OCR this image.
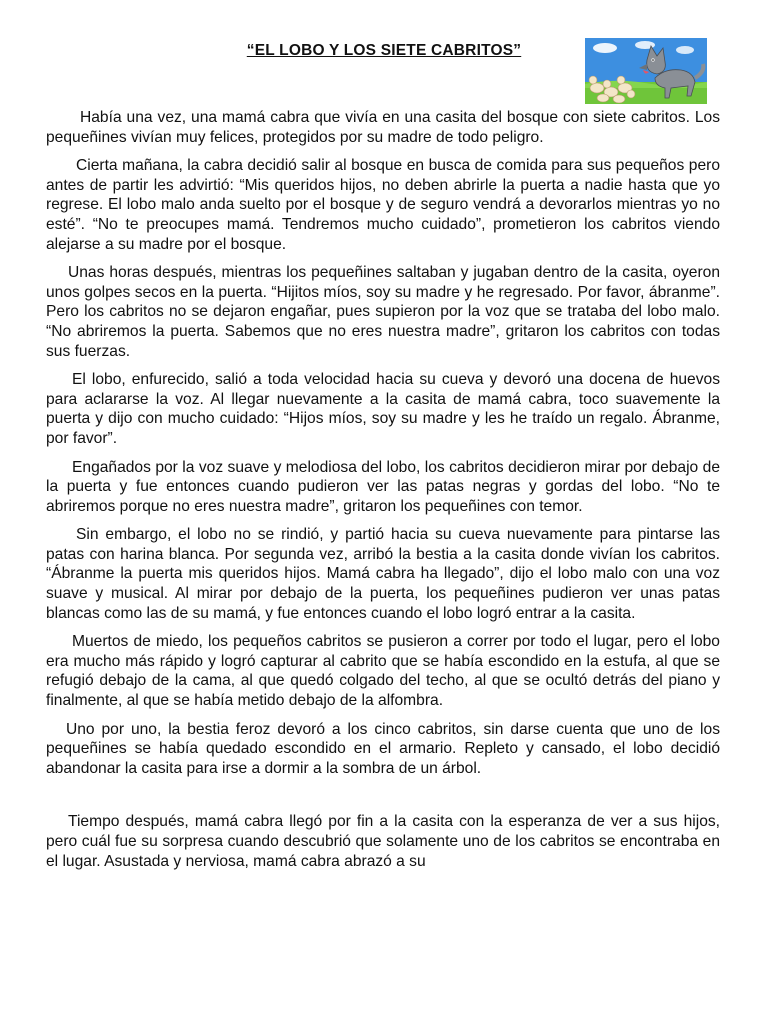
“EL LOBO Y LOS SIETE CABRITOS”

Había una vez, una mamá cabra que vivía en una casita del bosque con siete cabritos. Los pequeñines vivían muy felices, protegidos por su madre de todo peligro.

Cierta mañana, la cabra decidió salir al bosque en busca de comida para sus pequeños pero antes de partir les advirtió: “Mis queridos hijos, no deben abrirle la puerta a nadie hasta que yo regrese. El lobo malo anda suelto por el bosque y de seguro vendrá a devorarlos mientras yo no esté”. “No te preocupes mamá. Tendremos mucho cuidado”, prometieron los cabritos viendo alejarse a su madre por el bosque.

Unas horas después, mientras los pequeñines saltaban y jugaban dentro de la casita, oyeron unos golpes secos en la puerta. “Hijitos míos, soy su madre y he regresado. Por favor, ábranme”. Pero los cabritos no se dejaron engañar, pues supieron por la voz que se trataba del lobo malo. “No abriremos la puerta. Sabemos que no eres nuestra madre”, gritaron los cabritos con todas sus fuerzas.

El lobo, enfurecido, salió a toda velocidad hacia su cueva y devoró una docena de huevos para aclararse la voz. Al llegar nuevamente a la casita de mamá cabra, toco suavemente la puerta y dijo con mucho cuidado: “Hijos míos, soy su madre y les he traído un regalo. Ábranme, por favor”.

Engañados por la voz suave y melodiosa del lobo, los cabritos decidieron mirar por debajo de la puerta y fue entonces cuando pudieron ver las patas negras y gordas del lobo. “No te abriremos porque no eres nuestra madre”, gritaron los pequeñines con temor.

Sin embargo, el lobo no se rindió, y partió hacia su cueva nuevamente para pintarse las patas con harina blanca. Por segunda vez, arribó la bestia a la casita donde vivían los cabritos. “Ábranme la puerta mis queridos hijos. Mamá cabra ha llegado”, dijo el lobo malo con una voz suave y musical. Al mirar por debajo de la puerta, los pequeñines pudieron ver unas patas blancas como las de su mamá, y fue entonces cuando el lobo logró entrar a la casita.

Muertos de miedo, los pequeños cabritos se pusieron a correr por todo el lugar, pero el lobo era mucho más rápido y logró capturar al cabrito que se había escondido en la estufa, al que se refugió debajo de la cama, al que quedó colgado del techo, al que se ocultó detrás del piano y finalmente, al que se había metido debajo de la alfombra.

Uno por uno, la bestia feroz devoró a los cinco cabritos, sin darse cuenta que uno de los pequeñines se había quedado escondido en el armario. Repleto y cansado, el lobo decidió abandonar la casita para irse a dormir a la sombra de un árbol.

Tiempo después, mamá cabra llegó por fin a la casita con la esperanza de ver a sus hijos, pero cuál fue su sorpresa cuando descubrió que solamente uno de los cabritos se encontraba en el lugar. Asustada y nerviosa, mamá cabra abrazó a su
